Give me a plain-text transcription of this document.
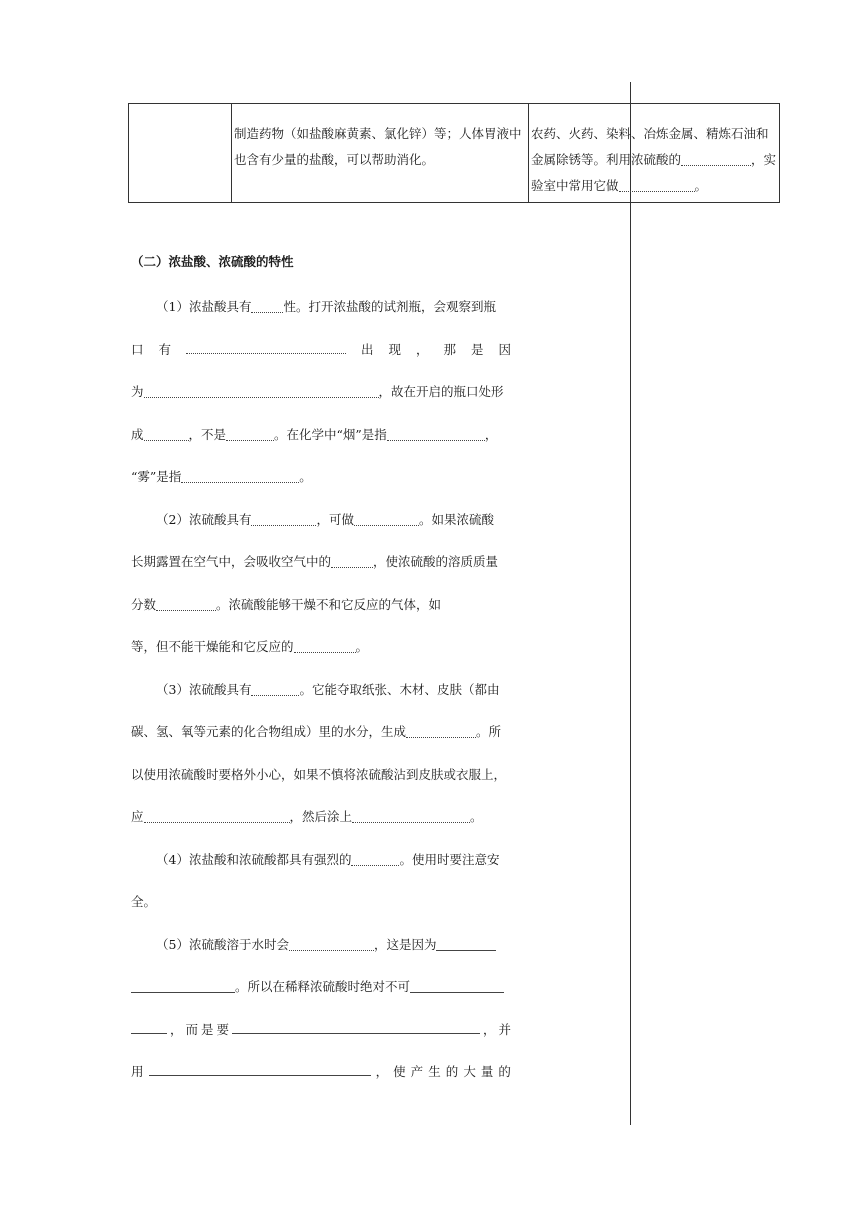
	制造药物（如盐酸麻黄素、氯化锌）等；人体胃液中也含有少量的盐酸，可以帮助消化。	农药、火药、染料、冶炼金属、精炼石油和金属除锈等。利用浓硫酸的	，实验室中常用它做	。
（二）浓盐酸、浓硫酸的特性

（1）浓盐酸具有	性。打开浓盐酸的试剂瓶，会观察到瓶

口 有	出 现 ， 那 是 因

为	，故在开启的瓶口处形

成	，不是	。在化学中“烟”是指	，

“雾”是指	。

（2）浓硫酸具有	，可做	。如果浓硫酸

长期露置在空气中，会吸收空气中的	，使浓硫酸的溶质质量

分数	。浓硫酸能够干燥不和它反应的气体，如

等，但不能干燥能和它反应的	。

（3）浓硫酸具有	。它能夺取纸张、木材、皮肤（都由

碳、氢、氧等元素的化合物组成）里的水分，生成	。所

以使用浓硫酸时要格外小心，如果不慎将浓硫酸沾到皮肤或衣服上，

应	，然后涂上	。

（4）浓盐酸和浓硫酸都具有强烈的	。使用时要注意安

全。

（5）浓硫酸溶于水时会	，这是因为

。所以在稀释浓硫酸时绝对不可

， 而 是 要	， 并

用	， 使 产 生 的 大 量 的
